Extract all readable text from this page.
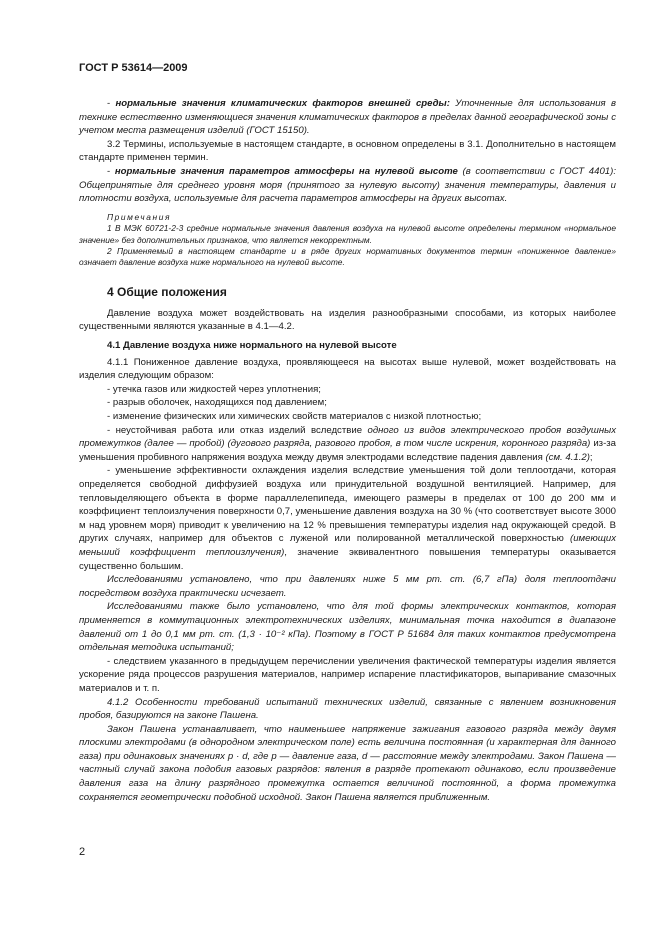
ГОСТ Р 53614—2009

- нормальные значения климатических факторов внешней среды: Уточненные для использования в технике естественно изменяющиеся значения климатических факторов в пределах данной географической зоны с учетом места размещения изделий (ГОСТ 15150).

3.2 Термины, используемые в настоящем стандарте, в основном определены в 3.1. Дополнительно в настоящем стандарте применен термин.

- нормальные значения параметров атмосферы на нулевой высоте (в соответствии с ГОСТ 4401): Общепринятые для среднего уровня моря (принятого за нулевую высоту) значения температуры, давления и плотности воздуха, используемые для расчета параметров атмосферы на других высотах.

Примечания

1 В МЭК 60721-2-3 средние нормальные значения давления воздуха на нулевой высоте определены термином «нормальное значение» без дополнительных признаков, что является некорректным.

2 Применяемый в настоящем стандарте и в ряде других нормативных документов термин «пониженное давление» означает давление воздуха ниже нормального на нулевой высоте.

4 Общие положения

Давление воздуха может воздействовать на изделия разнообразными способами, из которых наиболее существенными являются указанные в 4.1—4.2.

4.1 Давление воздуха ниже нормального на нулевой высоте

4.1.1 Пониженное давление воздуха, проявляющееся на высотах выше нулевой, может воздействовать на изделия следующим образом:

- утечка газов или жидкостей через уплотнения;

- разрыв оболочек, находящихся под давлением;

- изменение физических или химических свойств материалов с низкой плотностью;

- неустойчивая работа или отказ изделий вследствие одного из видов электрического пробоя воздушных промежутков (далее — пробой) (дугового разряда, разового пробоя, в том числе искрения, коронного разряда) из-за уменьшения пробивного напряжения воздуха между двумя электродами вследствие падения давления (см. 4.1.2);

- уменьшение эффективности охлаждения изделия вследствие уменьшения той доли теплоотдачи, которая определяется свободной диффузией воздуха или принудительной воздушной вентиляцией. Например, для тепловыделяющего объекта в форме параллелепипеда, имеющего размеры в пределах от 100 до 200 мм и коэффициент теплоизлучения поверхности 0,7, уменьшение давления воздуха на 30 % (что соответствует высоте 3000 м над уровнем моря) приводит к увеличению на 12 % превышения температуры изделия над окружающей средой. В других случаях, например для объектов с луженой или полированной металлической поверхностью (имеющих меньший коэффициент теплоизлучения), значение эквивалентного повышения температуры оказывается существенно большим.

Исследованиями установлено, что при давлениях ниже 5 мм рт. ст. (6,7 гПа) доля теплоотдачи посредством воздуха практически исчезает.

Исследованиями также было установлено, что для той формы электрических контактов, которая применяется в коммутационных электротехнических изделиях, минимальная точка находится в диапазоне давлений от 1 до 0,1 мм рт. ст. (1,3 · 10⁻² кПа). Поэтому в ГОСТ Р 51684 для таких контактов предусмотрена отдельная методика испытаний;

- следствием указанного в предыдущем перечислении увеличения фактической температуры изделия является ускорение ряда процессов разрушения материалов, например испарение пластификаторов, выпаривание смазочных материалов и т. п.

4.1.2 Особенности требований испытаний технических изделий, связанные с явлением возникновения пробоя, базируются на законе Пашена.

Закон Пашена устанавливает, что наименьшее напряжение зажигания газового разряда между двумя плоскими электродами (в однородном электрическом поле) есть величина постоянная (и характерная для данного газа) при одинаковых значениях p · d, где p — давление газа, d — расстояние между электродами. Закон Пашена — частный случай закона подобия газовых разрядов: явления в разряде протекают одинаково, если произведение давления газа на длину разрядного промежутка остается величиной постоянной, а форма промежутка сохраняется геометрически подобной исходной. Закон Пашена является приближенным.

2
